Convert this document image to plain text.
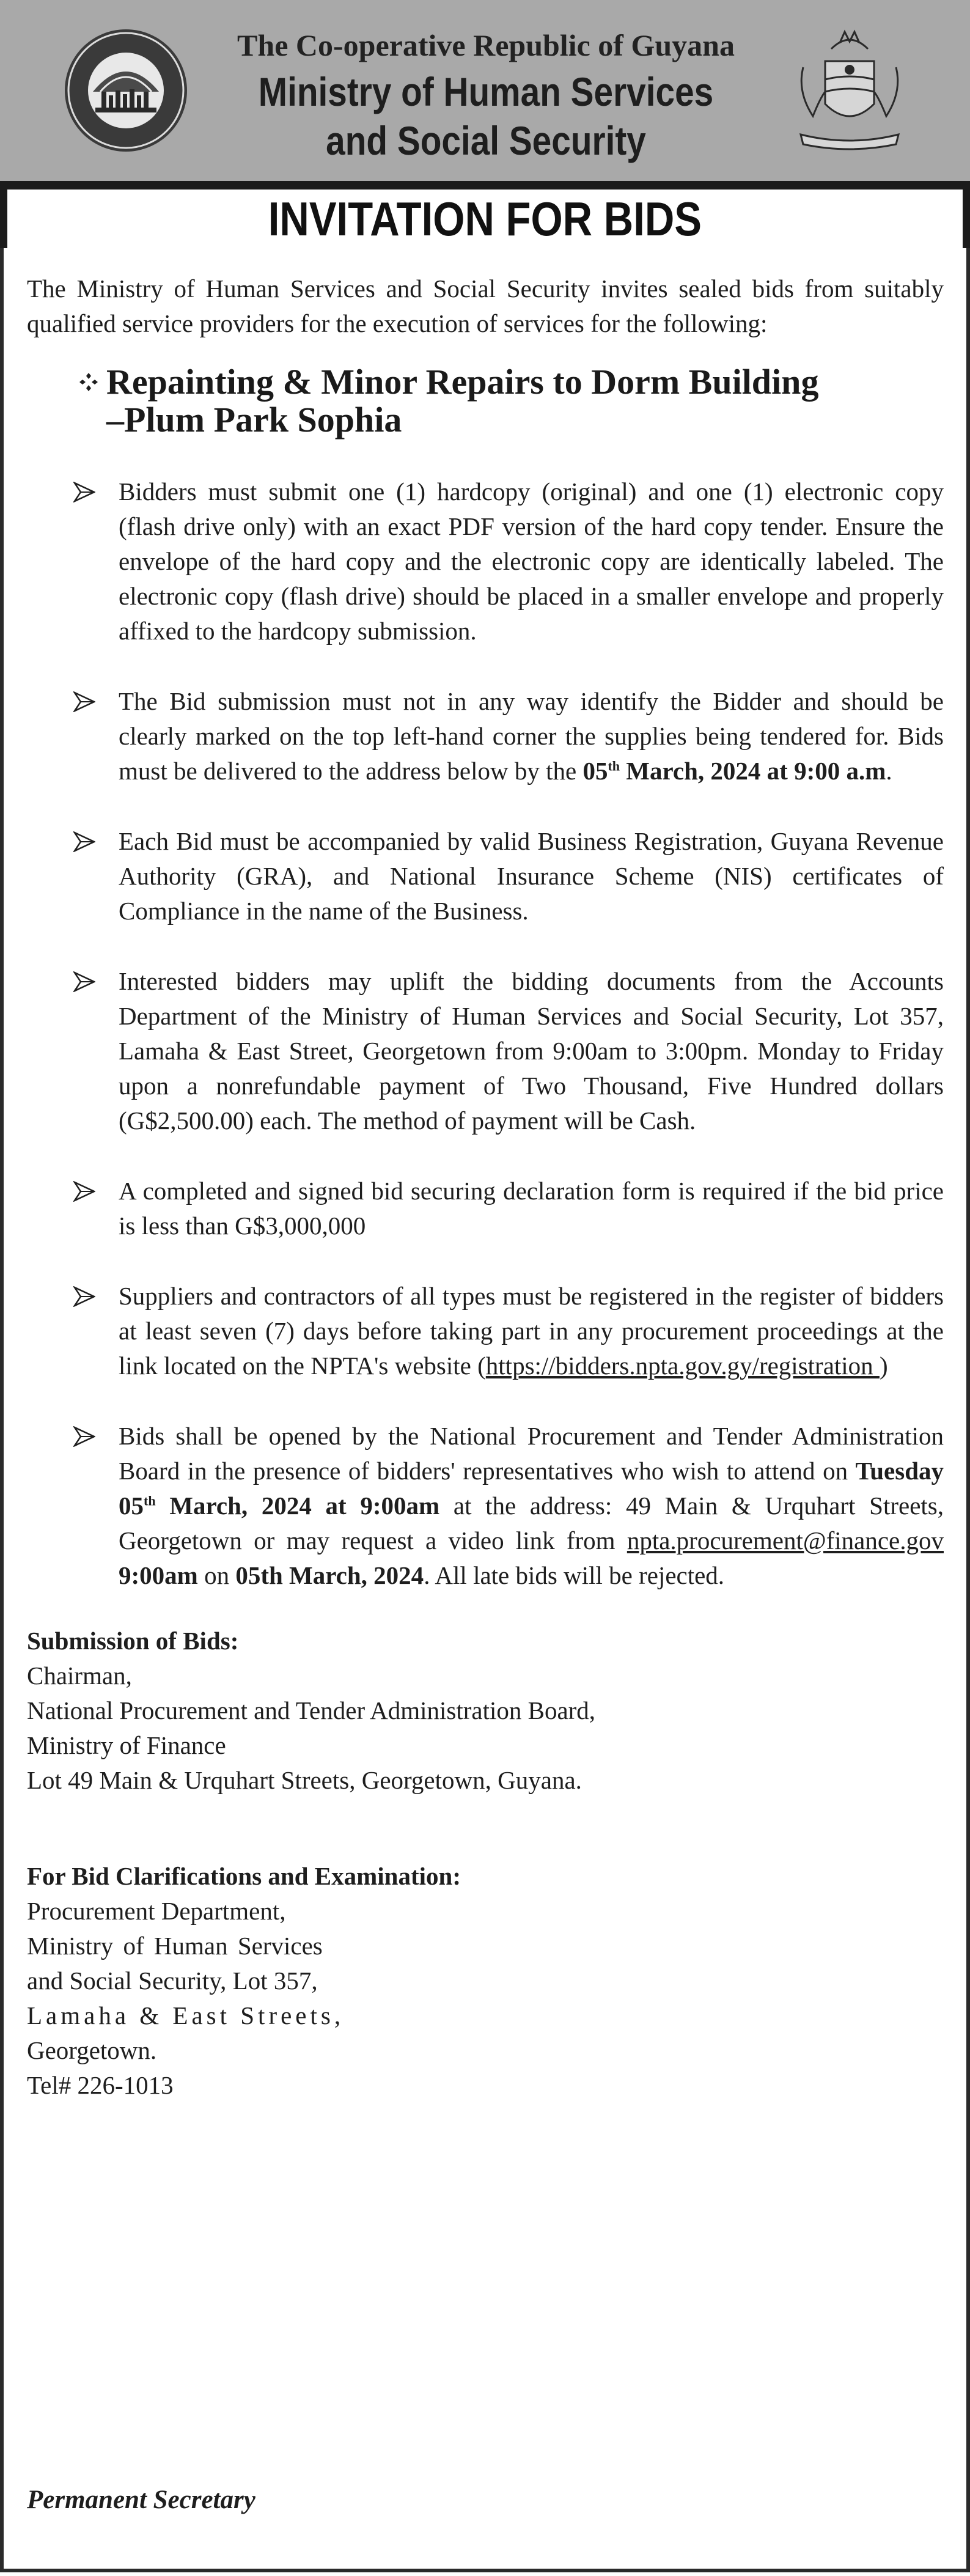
The Co-operative Republic of Guyana
Ministry of Human Services
and Social Security
INVITATION FOR BIDS

The Ministry of Human Services and Social Security invites sealed bids from suitably qualified service providers for the execution of services for the following:

Repainting & Minor Repairs to Dorm Building
–Plum Park Sophia
Bidders must submit one (1) hardcopy (original) and one (1) electronic copy (flash drive only) with an exact PDF version of the hard copy tender. Ensure the envelope of the hard copy and the electronic copy are identically labeled. The electronic copy (flash drive) should be placed in a smaller envelope and properly affixed to the hardcopy submission.
The Bid submission must not in any way identify the Bidder and should be clearly marked on the top left-hand corner the supplies being tendered for. Bids must be delivered to the address below by the 05th March, 2024 at 9:00 a.m.
Each Bid must be accompanied by valid Business Registration, Guyana Revenue Authority (GRA), and National Insurance Scheme (NIS) certificates of Compliance in the name of the Business.
Interested bidders may uplift the bidding documents from the Accounts Department of the Ministry of Human Services and Social Security, Lot 357, Lamaha & East Street, Georgetown from 9:00am to 3:00pm. Monday to Friday upon a nonrefundable payment of Two Thousand, Five Hundred dollars (G$2,500.00) each. The method of payment will be Cash.
A completed and signed bid securing declaration form is required if the bid price is less than G$3,000,000
Suppliers and contractors of all types must be registered in the register of bidders at least seven (7) days before taking part in any procurement proceedings at the link located on the NPTA's website (https://bidders.npta.gov.gy/registration )
Bids shall be opened by the National Procurement and Tender Administration Board in the presence of bidders' representatives who wish to attend on Tuesday 05th March, 2024 at 9:00am at the address: 49 Main & Urquhart Streets, Georgetown or may request a video link from npta.procurement@finance.gov 9:00am on 05th March, 2024. All late bids will be rejected.
Submission of Bids:
Chairman,
National Procurement and Tender Administration Board,
Ministry of Finance
Lot 49 Main & Urquhart Streets, Georgetown, Guyana.
For Bid Clarifications and Examination:
Procurement Department,
Ministry of Human Services
and Social Security, Lot 357,
Lamaha & East Streets,
Georgetown.
Tel# 226-1013
Permanent Secretary
